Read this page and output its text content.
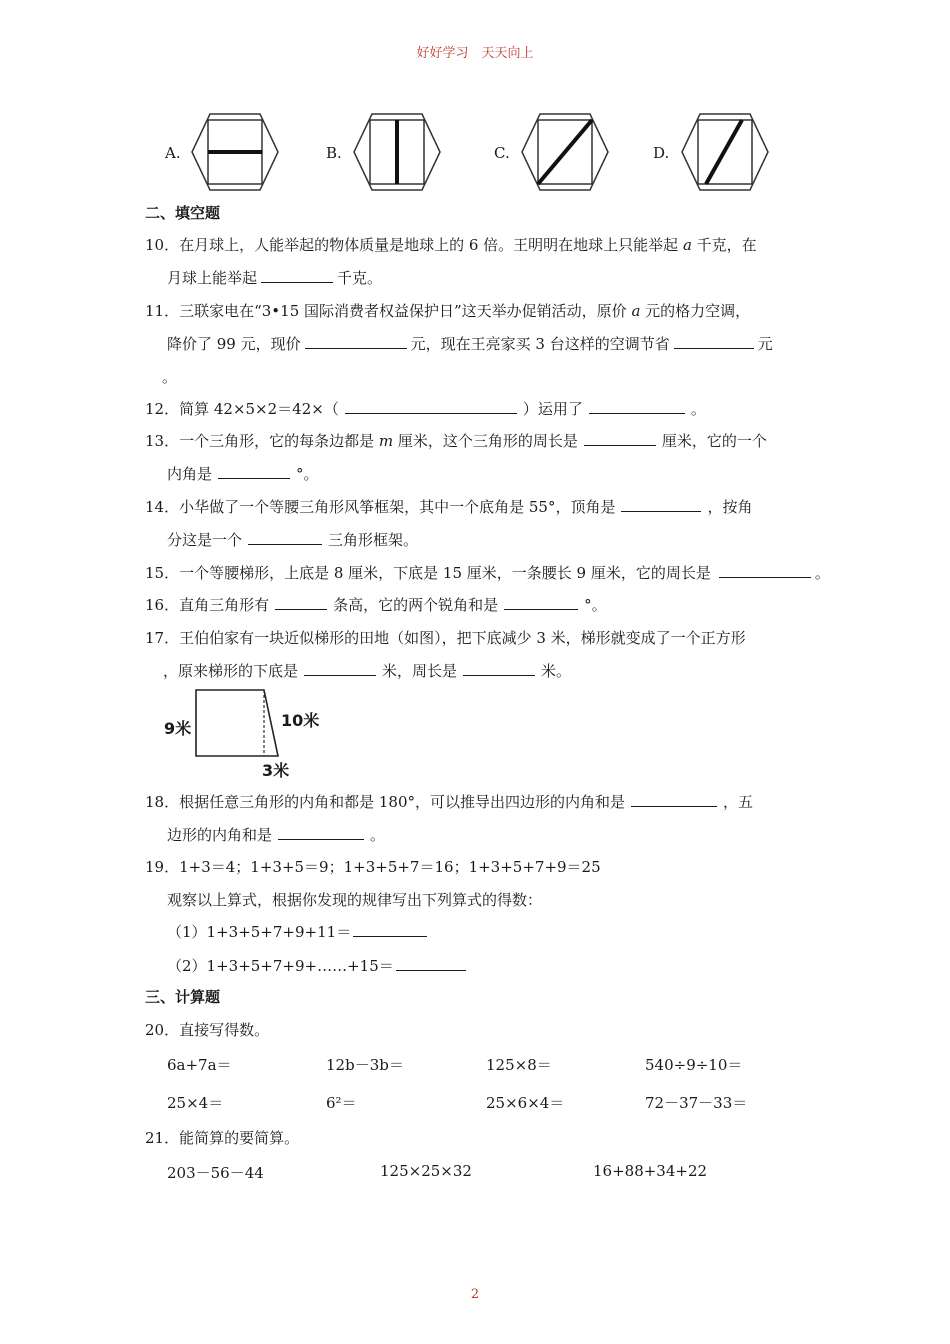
好好学习　天天向上
A.	B.	C.	D.
二、填空题
10．在月球上，人能举起的物体质量是地球上的 6 倍。王明明在地球上只能举起 a 千克，在
月球上能举起	千克。
11．三联家电在“3•15 国际消费者权益保护日”这天举办促销活动，原价 a 元的格力空调，
降价了 99 元，现价	元，现在王亮家买 3 台这样的空调节省	元
。
12．简算 42×5×2＝42×（	）运用了	。
13．一个三角形，它的每条边都是 m 厘米，这个三角形的周长是	厘米，它的一个
内角是	°。
14．小华做了一个等腰三角形风筝框架，其中一个底角是 55°，顶角是	，按角
分这是一个	三角形框架。
15．一个等腰梯形，上底是 8 厘米，下底是 15 厘米，一条腰长 9 厘米，它的周长是	。
16．直角三角形有	条高，它的两个锐角和是	°。
17．王伯伯家有一块近似梯形的田地（如图），把下底减少 3 米，梯形就变成了一个正方形
，原来梯形的下底是	米，周长是	米。
9米	10米
3米
18．根据任意三角形的内角和都是 180°，可以推导出四边形的内角和是	，五
边形的内角和是	。
19．1+3＝4；1+3+5＝9；1+3+5+7＝16；1+3+5+7+9＝25
观察以上算式，根据你发现的规律写出下列算式的得数：
（1）1+3+5+7+9+11＝
（2）1+3+5+7+9+……+15＝
三、计算题
20．直接写得数。
6a+7a＝	12b－3b＝	125×8＝	540÷9÷10＝
25×4＝	6²＝	25×6×4＝	72－37－33＝
21．能简算的要简算。
203－56－44	125×25×32	16+88+34+22
2
